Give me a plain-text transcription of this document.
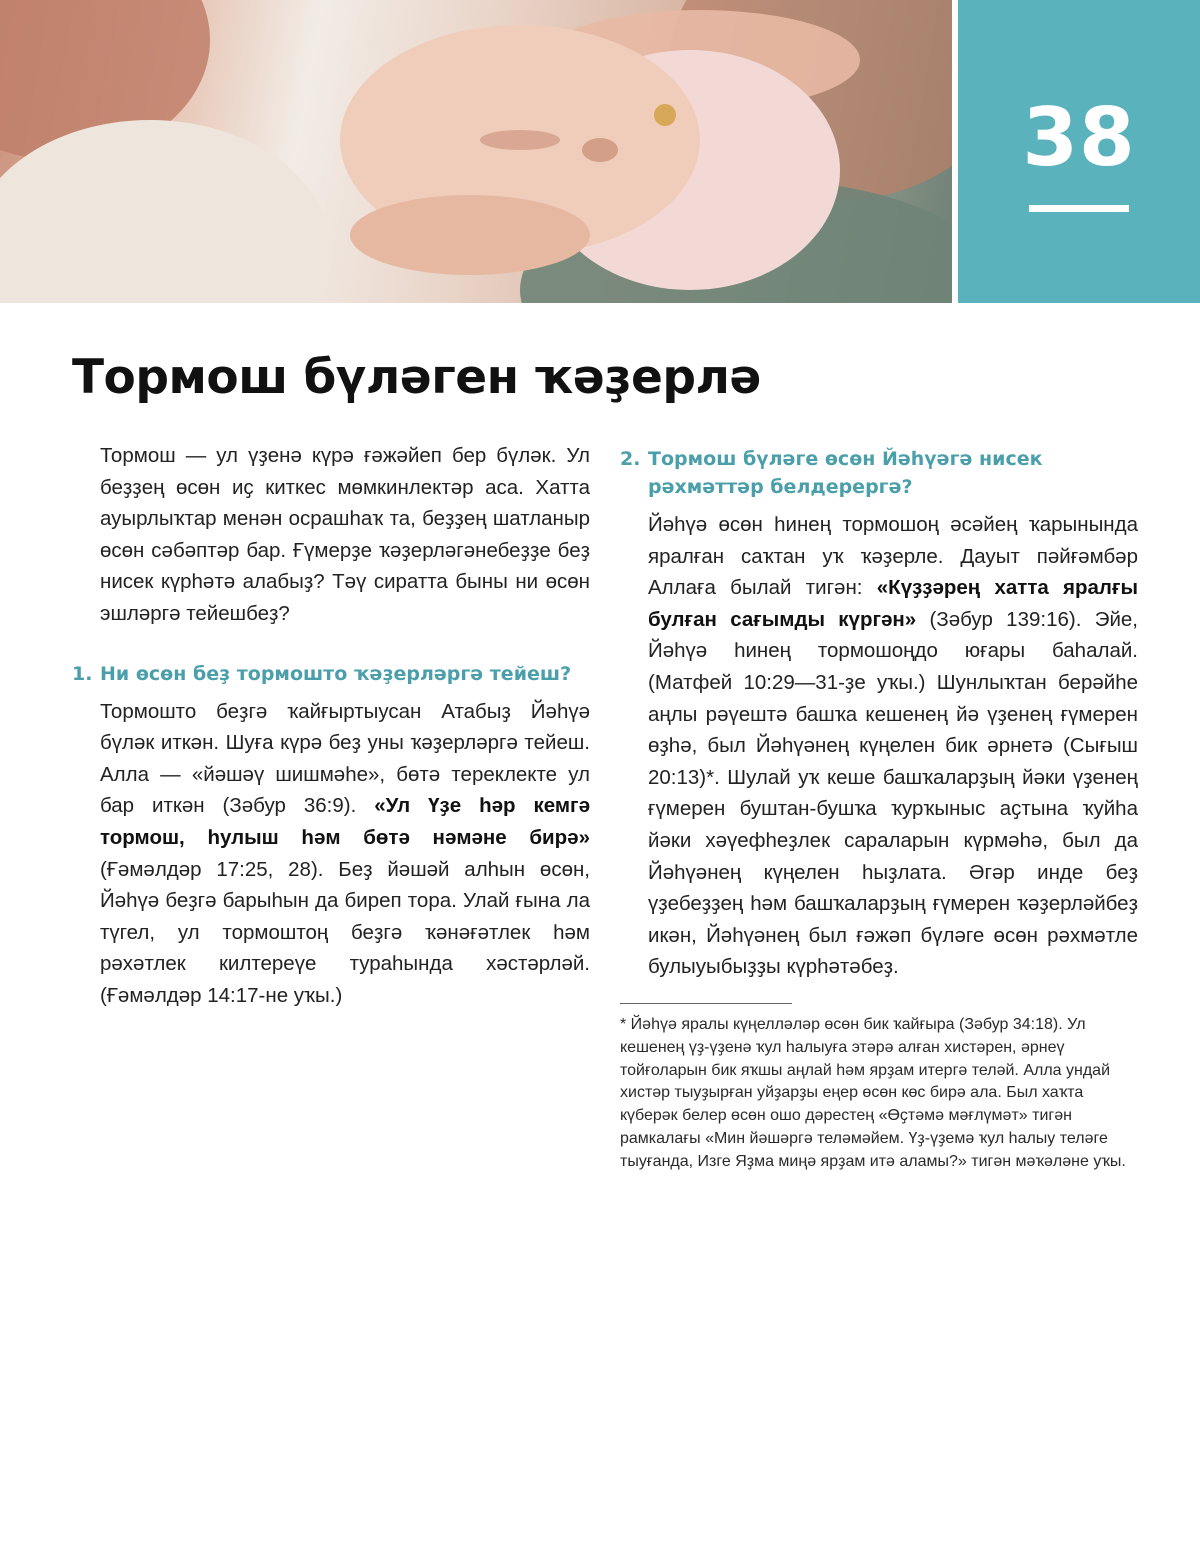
38
Тормош бүләген ҡәҙерлә

Тормош — ул үҙенә күрә ғәжәйеп бер бүләк. Ул беҙҙең өсөн иҫ киткес мөмкинлектәр аса. Хатта ауырлыҡтар менән осрашһаҡ та, беҙҙең шатланыр өсөн сәбәптәр бар. Ғүмерҙе ҡәҙерләгәнебеҙҙе беҙ нисек күрһәтә алабыҙ? Тәү сиратта быны ни өсөн эшләргә тейешбеҙ?

1. Ни өсөн беҙ тормошто ҡәҙерләргә тейеш?

Тормошто беҙгә ҡайғыртыусан Атабыҙ Йәһүә бүләк иткән. Шуға күрә беҙ уны ҡәҙерләргә тейеш. Алла — «йәшәү шишмәһе», бөтә тереклекте ул бар иткән (Зәбур 36:9). «Ул Үҙе һәр кемгә тормош, һулыш һәм бөтә нәмәне бирә» (Ғәмәлдәр 17:25, 28). Беҙ йәшәй алһын өсөн, Йәһүә беҙгә барыһын да биреп тора. Улай ғына ла түгел, ул тормоштоң беҙгә ҡәнәғәтлек һәм рәхәтлек килтереүе тураһында хәстәрләй. (Ғәмәлдәр 14:17-не уҡы.)

2. Тормош бүләге өсөн Йәһүәгә нисек рәхмәттәр белдерергә?

Йәһүә өсөн һинең тормошоң әсәйең ҡарынында яралған саҡтан уҡ ҡәҙерле. Дауыт пәйғәмбәр Аллаға былай тигән: «Күҙҙәрең хатта яралғы булған сағымды күргән» (Зәбур 139:16). Эйе, Йәһүә һинең тормошоңдо юғары баһалай. (Матфей 10:29—31-ҙе уҡы.) Шунлыҡтан берәйһе аңлы рәүештә башҡа кешенең йә үҙенең ғүмерен өҙһә, был Йәһүәнең күңелен бик әрнетә (Сығыш 20:13)*. Шулай уҡ кеше башҡаларҙың йәки үҙенең ғүмерен буштан-бушҡа ҡурҡыныс аҫтына ҡуйһа йәки хәүефһеҙлек сараларын күрмәһә, был да Йәһүәнең күңелен һыҙлата. Әгәр инде беҙ үҙебеҙҙең һәм башҡаларҙың ғүмерен ҡәҙерләйбеҙ икән, Йәһүәнең был ғәжәп бүләге өсөн рәхмәтле булыуыбыҙҙы күрһәтәбеҙ.

* Йәһүә яралы күңелләләр өсөн бик ҡайғыра (Зәбур 34:18). Ул кешенең үҙ-үҙенә ҡул һалыуға этәрә алған хистәрен, әрнеү тойғоларын бик яҡшы аңлай һәм ярҙам итергә теләй. Алла ундай хистәр тыуҙырған уйҙарҙы еңер өсөн көс бирә ала. Был хаҡта күберәк белер өсөн ошо дәрестең «Өҫтәмә мәғлүмәт» тигән рамкалағы «Мин йәшәргә теләмәйем. Үҙ-үҙемә ҡул һалыу теләге тыуғанда, Изге Яҙма миңә ярҙам итә аламы?» тигән мәҡәләне уҡы.
